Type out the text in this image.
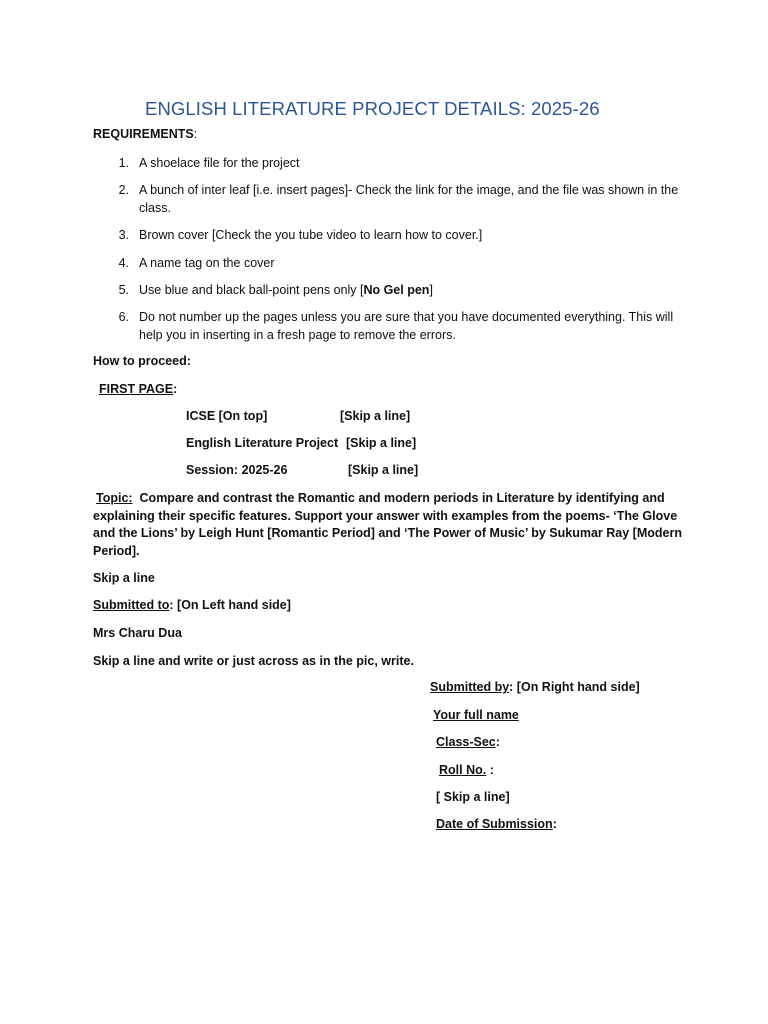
ENGLISH LITERATURE PROJECT DETAILS: 2025-26
REQUIREMENTS:
1. A shoelace file for the project
2. A bunch of inter leaf [i.e. insert pages]- Check the link for the image, and the file was shown in the class.
3. Brown cover [Check the you tube video to learn how to cover.]
4. A name tag on the cover
5. Use blue and black ball-point pens only [No Gel pen]
6. Do not number up the pages unless you are sure that you have documented everything. This will help you in inserting in a fresh page to remove the errors.
How to proceed:
FIRST PAGE:
ICSE [On top]	[Skip a line]
English Literature Project [Skip a line]
Session: 2025-26	[Skip a line]
Topic: Compare and contrast the Romantic and modern periods in Literature by identifying and explaining their specific features. Support your answer with examples from the poems- ‘The Glove and the Lions’ by Leigh Hunt [Romantic Period] and ‘The Power of Music’ by Sukumar Ray [Modern Period].
Skip a line
Submitted to: [On Left hand side]
Mrs Charu Dua
Skip a line and write or just across as in the pic, write.
Submitted by: [On Right hand side]
Your full name
Class-Sec:
Roll No. :
[ Skip a line]
Date of Submission:
